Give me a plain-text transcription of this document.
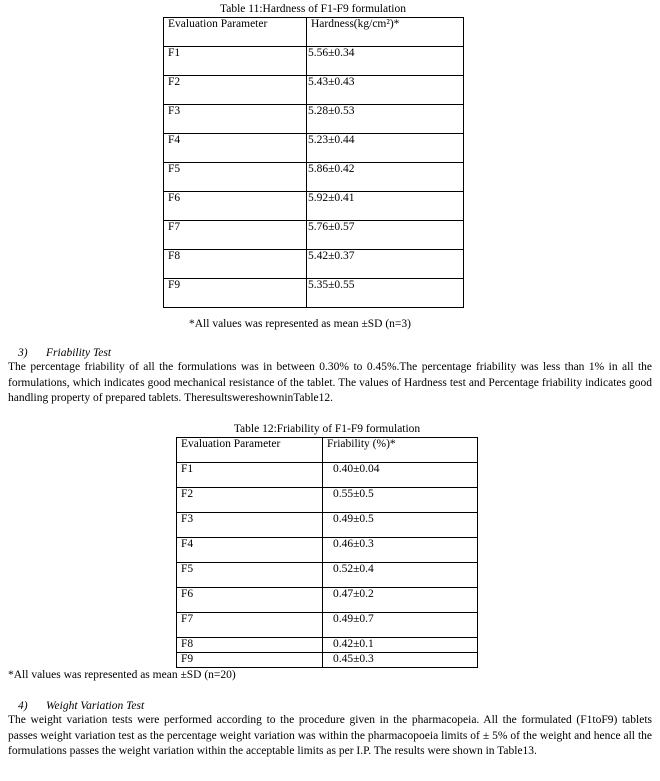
Table 11:Hardness of F1-F9 formulation
Evaluation Parameter	Hardness(kg/cm²)*
F1	5.56±0.34
F2	5.43±0.43
F3	5.28±0.53
F4	5.23±0.44
F5	5.86±0.42
F6	5.92±0.41
F7	5.76±0.57
F8	5.42±0.37
F9	5.35±0.55
*All values was represented as mean ±SD (n=3)
3) Friability Test
The percentage friability of all the formulations was in between 0.30% to 0.45%.The percentage friability was less than 1% in all the formulations, which indicates good mechanical resistance of the tablet. The values of Hardness test and Percentage friability indicates good handling property of prepared tablets. TheresultswereshowninTable12.
Table 12:Friability of F1-F9 formulation
Evaluation Parameter	Friability (%)*
F1	0.40±0.04
F2	0.55±0.5
F3	0.49±0.5
F4	0.46±0.3
F5	0.52±0.4
F6	0.47±0.2
F7	0.49±0.7
F8	0.42±0.1
F9	0.45±0.3
*All values was represented as mean ±SD (n=20)
4) Weight Variation Test
The weight variation tests were performed according to the procedure given in the pharmacopeia. All the formulated (F1toF9) tablets passes weight variation test as the percentage weight variation was within the pharmacopoeia limits of ± 5% of the weight and hence all the formulations passes the weight variation within the acceptable limits as per I.P. The results were shown in Table13.
